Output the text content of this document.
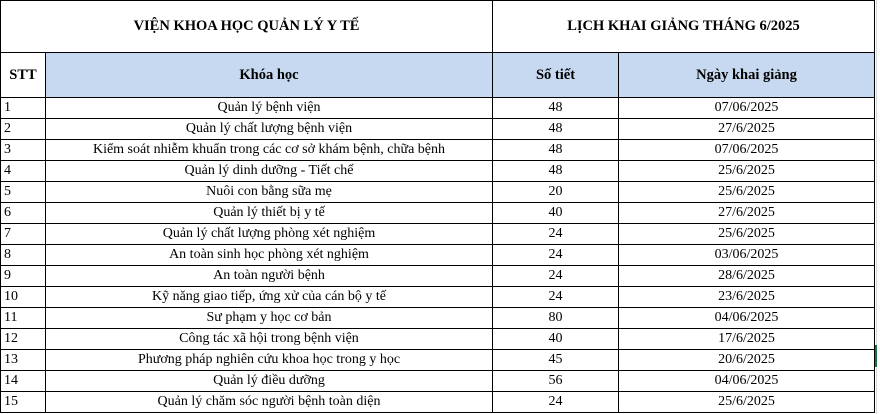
VIỆN KHOA HỌC QUẢN LÝ Y TẾ		LỊCH KHAI GIẢNG THÁNG 6/2025	
STT	Khóa học	Số tiết	Ngày khai giảng
1	Quản lý bệnh viện	48	07/06/2025
2	Quản lý chất lượng bệnh viện	48	27/6/2025
3	Kiểm soát nhiễm khuẩn trong các cơ sở khám bệnh, chữa bệnh	48	07/06/2025
4	Quản lý dinh dưỡng - Tiết chế	48	25/6/2025
5	Nuôi con bằng sữa mẹ	20	25/6/2025
6	Quản lý thiết bị y tế	40	27/6/2025
7	Quản lý chất lượng phòng xét nghiệm	24	25/6/2025
8	An toàn sinh học phòng xét nghiệm	24	03/06/2025
9	An toàn người bệnh	24	28/6/2025
10	Kỹ năng giao tiếp, ứng xử của cán bộ y tế	24	23/6/2025
11	Sư phạm y học cơ bản	80	04/06/2025
12	Công tác xã hội trong bệnh viện	40	17/6/2025
13	Phương pháp nghiên cứu khoa học trong y học	45	20/6/2025
14	Quản lý điều dưỡng	56	04/06/2025
15	Quản lý chăm sóc người bệnh toàn diện	24	25/6/2025
